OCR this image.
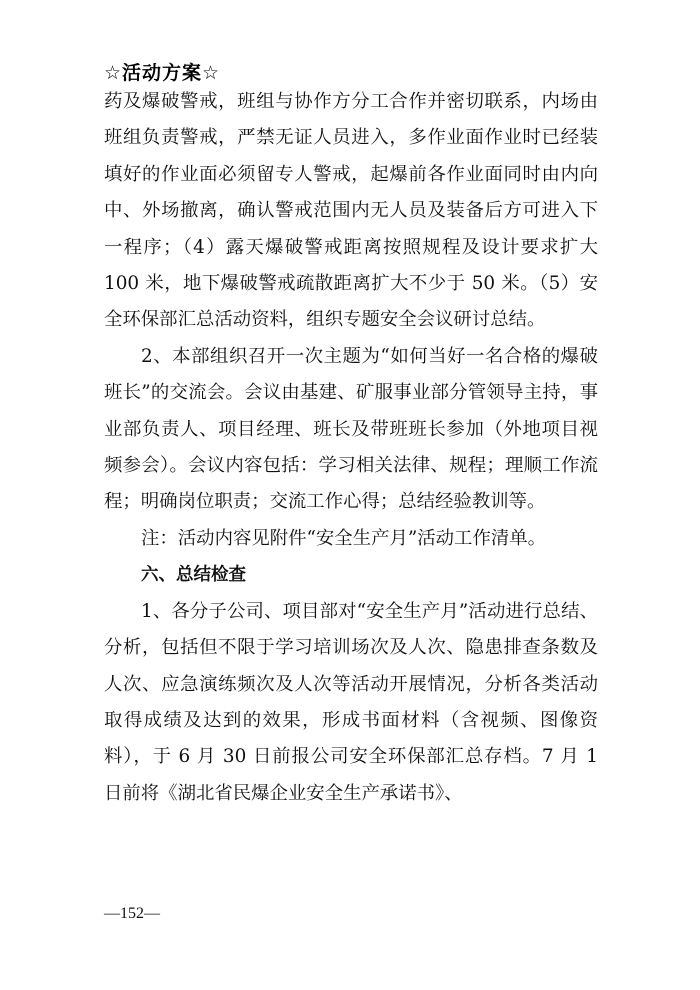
☆活动方案☆

药及爆破警戒，班组与协作方分工合作并密切联系，内场由班组负责警戒，严禁无证人员进入，多作业面作业时已经装填好的作业面必须留专人警戒，起爆前各作业面同时由内向中、外场撤离，确认警戒范围内无人员及装备后方可进入下一程序；（4）露天爆破警戒距离按照规程及设计要求扩大 100 米，地下爆破警戒疏散距离扩大不少于 50 米。（5）安全环保部汇总活动资料，组织专题安全会议研讨总结。

2、本部组织召开一次主题为“如何当好一名合格的爆破班长”的交流会。会议由基建、矿服事业部分管领导主持，事业部负责人、项目经理、班长及带班班长参加（外地项目视频参会）。会议内容包括：学习相关法律、规程；理顺工作流程；明确岗位职责；交流工作心得；总结经验教训等。

注：活动内容见附件“安全生产月”活动工作清单。

六、总结检查

1、各分子公司、项目部对“安全生产月”活动进行总结、分析，包括但不限于学习培训场次及人次、隐患排查条数及人次、应急演练频次及人次等活动开展情况，分析各类活动取得成绩及达到的效果，形成书面材料（含视频、图像资料），于 6 月 30 日前报公司安全环保部汇总存档。7 月 1 日前将《湖北省民爆企业安全生产承诺书》、

—152—
